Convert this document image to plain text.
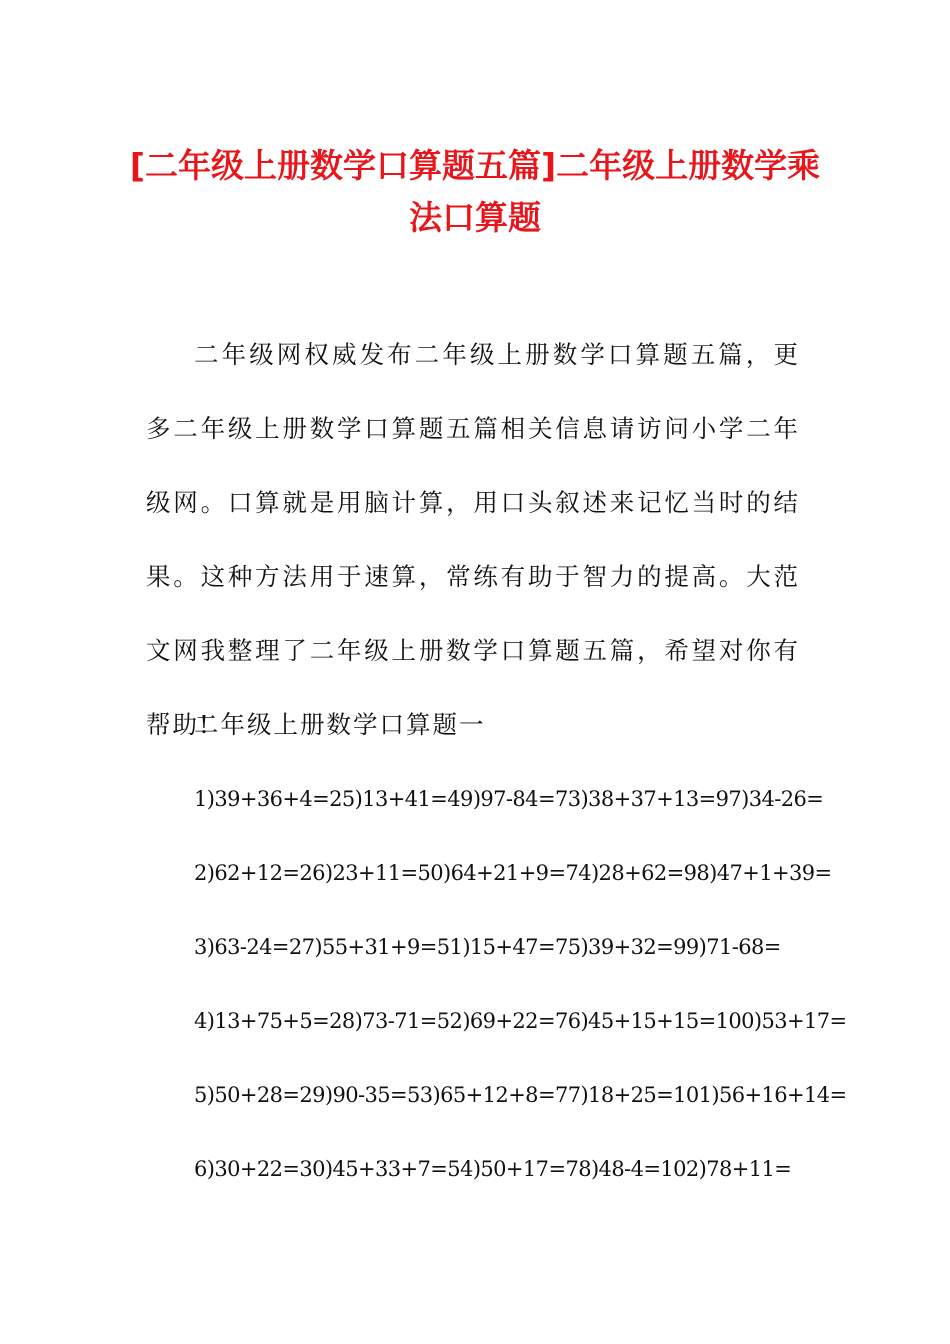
[二年级上册数学口算题五篇]二年级上册数学乘法口算题

二年级网权威发布二年级上册数学口算题五篇，更多二年级上册数学口算题五篇相关信息请访问小学二年级网。口算就是用脑计算，用口头叙述来记忆当时的结果。这种方法用于速算，常练有助于智力的提高。大范文网我整理了二年级上册数学口算题五篇，希望对你有帮助!

二年级上册数学口算题一

1)39+36+4=25)13+41=49)97-84=73)38+37+13=97)34-26=
2)62+12=26)23+11=50)64+21+9=74)28+62=98)47+1+39=
3)63-24=27)55+31+9=51)15+47=75)39+32=99)71-68=
4)13+75+5=28)73-71=52)69+22=76)45+15+15=100)53+17=
5)50+28=29)90-35=53)65+12+8=77)18+25=101)56+16+14=
6)30+22=30)45+33+7=54)50+17=78)48-4=102)78+11=
